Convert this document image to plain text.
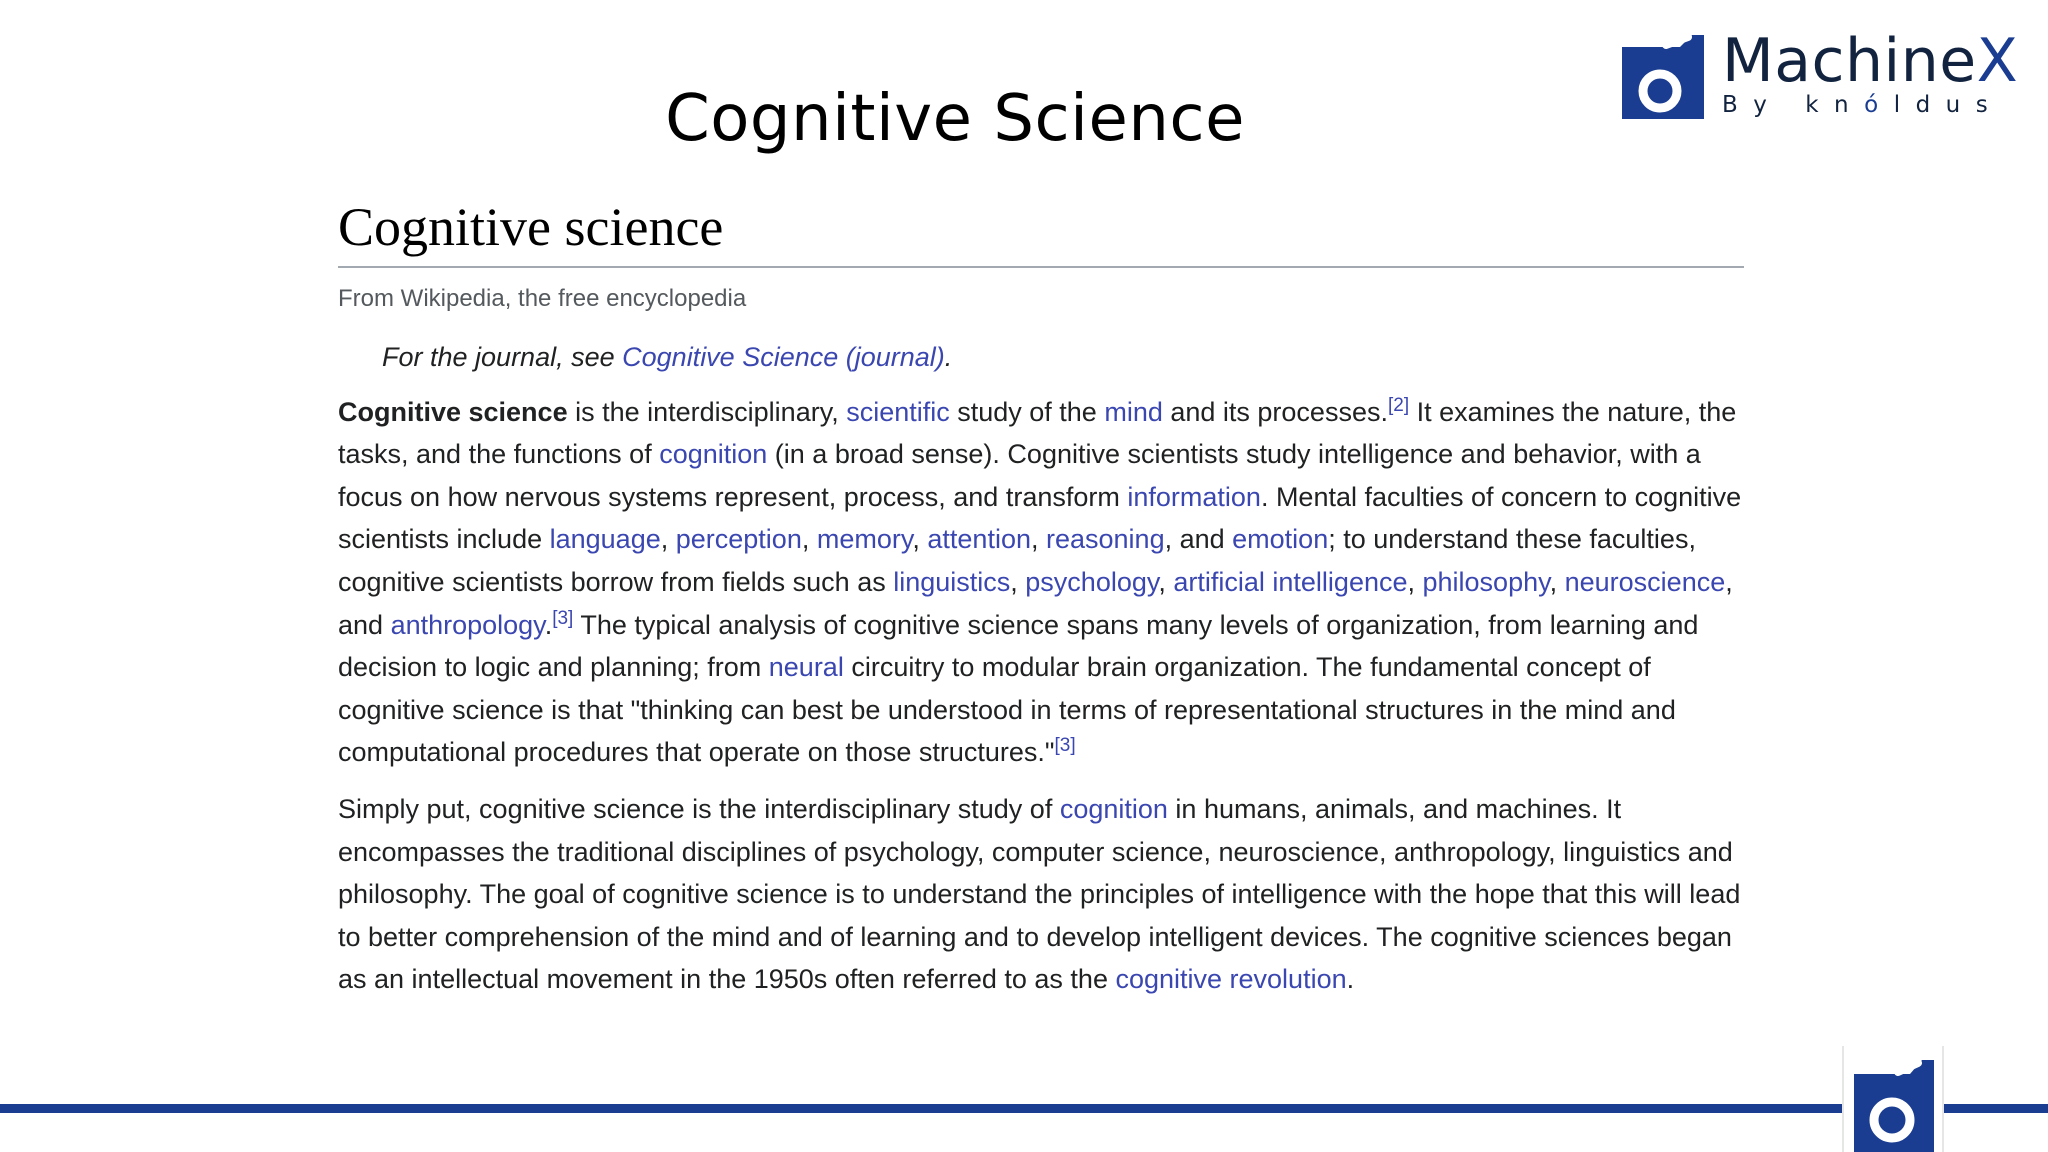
Cognitive Science
MachineX
By knóldus
Cognitive science
From Wikipedia, the free encyclopedia
For the journal, see Cognitive Science (journal).

Cognitive science is the interdisciplinary, scientific study of the mind and its processes.[2] It examines the nature, the
tasks, and the functions of cognition (in a broad sense). Cognitive scientists study intelligence and behavior, with a
focus on how nervous systems represent, process, and transform information. Mental faculties of concern to cognitive
scientists include language, perception, memory, attention, reasoning, and emotion; to understand these faculties,
cognitive scientists borrow from fields such as linguistics, psychology, artificial intelligence, philosophy, neuroscience,
and anthropology.[3] The typical analysis of cognitive science spans many levels of organization, from learning and
decision to logic and planning; from neural circuitry to modular brain organization. The fundamental concept of
cognitive science is that "thinking can best be understood in terms of representational structures in the mind and
computational procedures that operate on those structures."[3]

Simply put, cognitive science is the interdisciplinary study of cognition in humans, animals, and machines. It
encompasses the traditional disciplines of psychology, computer science, neuroscience, anthropology, linguistics and
philosophy. The goal of cognitive science is to understand the principles of intelligence with the hope that this will lead
to better comprehension of the mind and of learning and to develop intelligent devices. The cognitive sciences began
as an intellectual movement in the 1950s often referred to as the cognitive revolution.
